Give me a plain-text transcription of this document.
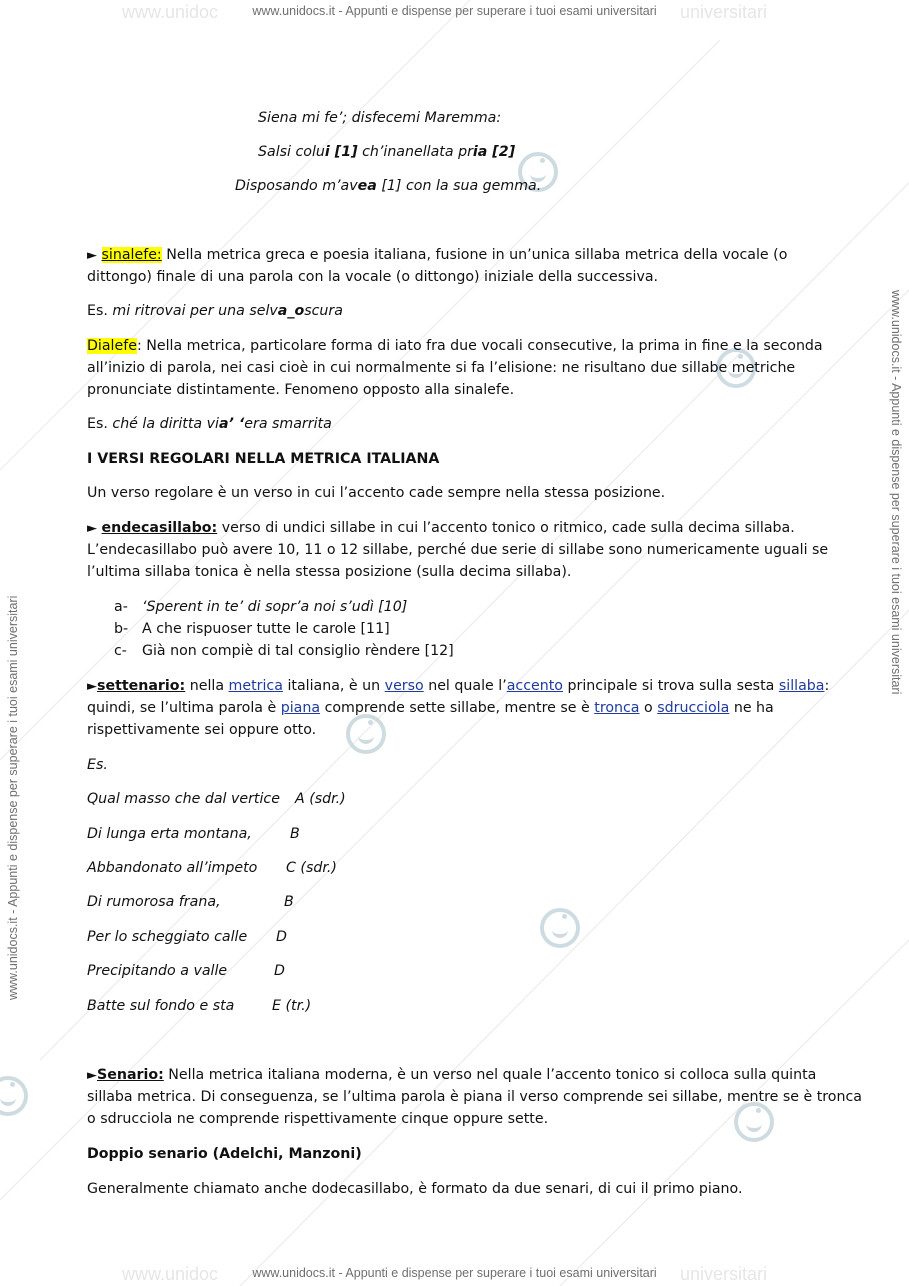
www.unidoc	universitari
www.unidoc	universitari
www.unidocs.it - Appunti e dispense per superare i tuoi esami universitari
www.unidocs.it - Appunti e dispense per superare i tuoi esami universitari
www.unidocs.it - Appunti e dispense per superare i tuoi esami universitari
www.unidocs.it - Appunti e dispense per superare i tuoi esami universitari
Siena mi fe’; disfecemi Maremma:
Salsi colui [1] ch’inanellata pria [2]
Disposando m’avea [1] con la sua gemma.
► sinalefe: Nella metrica greca e poesia italiana, fusione in un’unica sillaba metrica della vocale (o
dittongo) finale di una parola con la vocale (o dittongo) iniziale della successiva.
Es. mi ritrovai per una selva_oscura
Dialefe: Nella metrica, particolare forma di iato fra due vocali consecutive, la prima in fine e la seconda
all’inizio di parola, nei casi cioè in cui normalmente si fa l’elisione: ne risultano due sillabe metriche
pronunciate distintamente. Fenomeno opposto alla sinalefe.
Es. ché la diritta via’ ‘era smarrita
I VERSI REGOLARI NELLA METRICA ITALIANA
Un verso regolare è un verso in cui l’accento cade sempre nella stessa posizione.
► endecasillabo: verso di undici sillabe in cui l’accento tonico o ritmico, cade sulla decima sillaba.
L’endecasillabo può avere 10, 11 o 12 sillabe, perché due serie di sillabe sono numericamente uguali se
l’ultima sillaba tonica è nella stessa posizione (sulla decima sillaba).
a- ‘Sperent in te’ di sopr’a noi s’udì [10]
b- A che rispuoser tutte le carole [11]
c- Già non compiè di tal consiglio rèndere [12]
►settenario: nella metrica italiana, è un verso nel quale l’accento principale si trova sulla sesta sillaba:
quindi, se l’ultima parola è piana comprende sette sillabe, mentre se è tronca o sdrucciola ne ha
rispettivamente sei oppure otto.
Es.
Qual masso che dal vertice A (sdr.)
Di lunga erta montana,	B
Abbandonato all’impeto C (sdr.)
Di rumorosa frana,	B
Per lo scheggiato calle D
Precipitando a valle	D
Batte sul fondo e sta	E (tr.)
►Senario: Nella metrica italiana moderna, è un verso nel quale l’accento tonico si colloca sulla quinta
sillaba metrica. Di conseguenza, se l’ultima parola è piana il verso comprende sei sillabe, mentre se è tronca
o sdrucciola ne comprende rispettivamente cinque oppure sette.
Doppio senario (Adelchi, Manzoni)
Generalmente chiamato anche dodecasillabo, è formato da due senari, di cui il primo piano.
